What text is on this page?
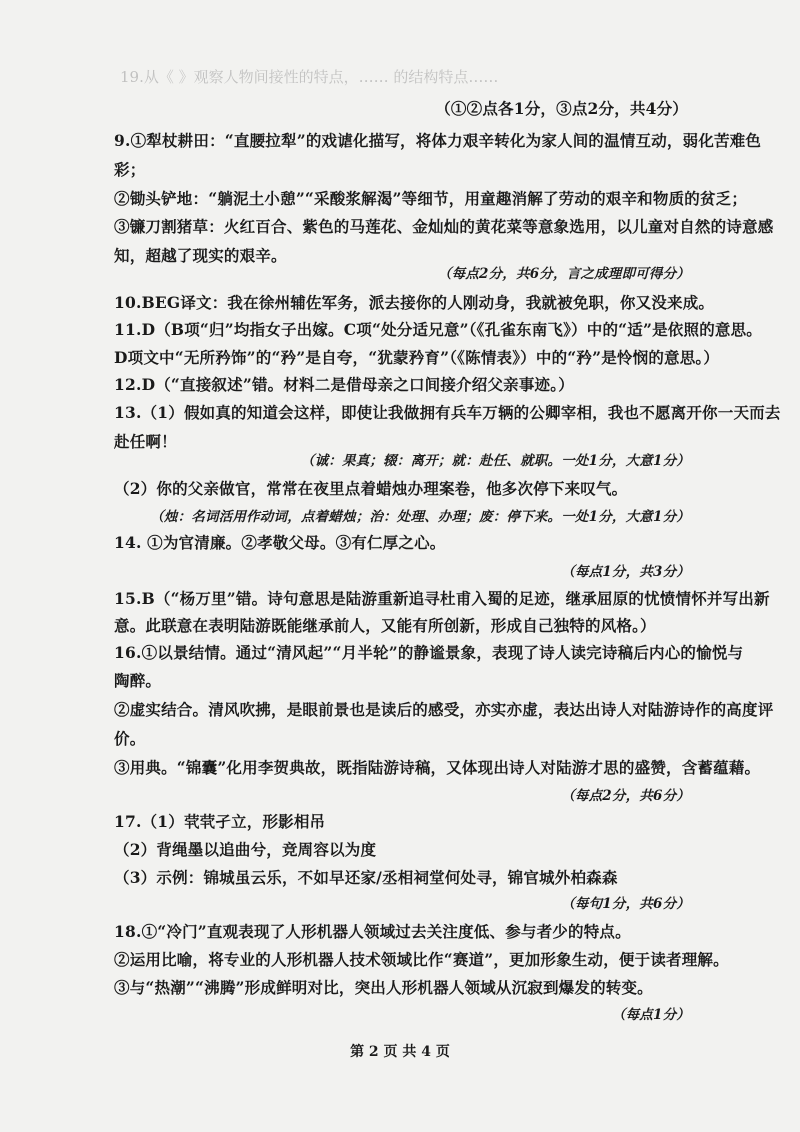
19.从《 》观察人物间接性的特点，…… 的结构特点……
（①②点各1分，③点2分，共4分）
9.①犁杖耕田：“直腰拉犁”的戏谑化描写，将体力艰辛转化为家人间的温情互动，弱化苦难色
彩；
②锄头铲地：“躺泥土小憩”“采酸浆解渴”等细节，用童趣消解了劳动的艰辛和物质的贫乏；
③镰刀割猪草：火红百合、紫色的马莲花、金灿灿的黄花菜等意象选用，以儿童对自然的诗意感
知，超越了现实的艰辛。
（每点2分，共6分，言之成理即可得分）
10.BEG译文：我在徐州辅佐军务，派去接你的人刚动身，我就被免职，你又没来成。
11.D（B项“归”均指女子出嫁。C项“处分适兄意”（《孔雀东南飞》）中的“适”是依照的意思。
D项文中“无所矜饰”的“矜”是自夸，“犹蒙矜育”（《陈情表》）中的“矜”是怜悯的意思。）
12.D（“直接叙述”错。材料二是借母亲之口间接介绍父亲事迹。）
13.（1）假如真的知道会这样，即使让我做拥有兵车万辆的公卿宰相，我也不愿离开你一天而去
赴任啊！
（诚：果真；辍：离开；就：赴任、就职。一处1分，大意1分）
（2）你的父亲做官，常常在夜里点着蜡烛办理案卷，他多次停下来叹气。
（烛：名词活用作动词，点着蜡烛；治：处理、办理；废：停下来。一处1分，大意1分）
14. ①为官清廉。②孝敬父母。③有仁厚之心。
（每点1分，共3分）
15.B（“杨万里”错。诗句意思是陆游重新追寻杜甫入蜀的足迹，继承屈原的忧愤情怀并写出新
意。此联意在表明陆游既能继承前人，又能有所创新，形成自己独特的风格。）
16.①以景结情。通过“清风起”“月半轮”的静谧景象，表现了诗人读完诗稿后内心的愉悦与
陶醉。
②虚实结合。清风吹拂，是眼前景也是读后的感受，亦实亦虚，表达出诗人对陆游诗作的高度评
价。
③用典。“锦囊”化用李贺典故，既指陆游诗稿，又体现出诗人对陆游才思的盛赞，含蓄蕴藉。
（每点2分，共6分）
17.（1）茕茕孑立，形影相吊
（2）背绳墨以追曲兮，竞周容以为度
（3）示例：锦城虽云乐，不如早还家/丞相祠堂何处寻，锦官城外柏森森
（每句1分，共6分）
18.①“冷门”直观表现了人形机器人领域过去关注度低、参与者少的特点。
②运用比喻，将专业的人形机器人技术领域比作“赛道”，更加形象生动，便于读者理解。
③与“热潮”“沸腾”形成鲜明对比，突出人形机器人领域从沉寂到爆发的转变。
（每点1分）
第 2 页 共 4 页
